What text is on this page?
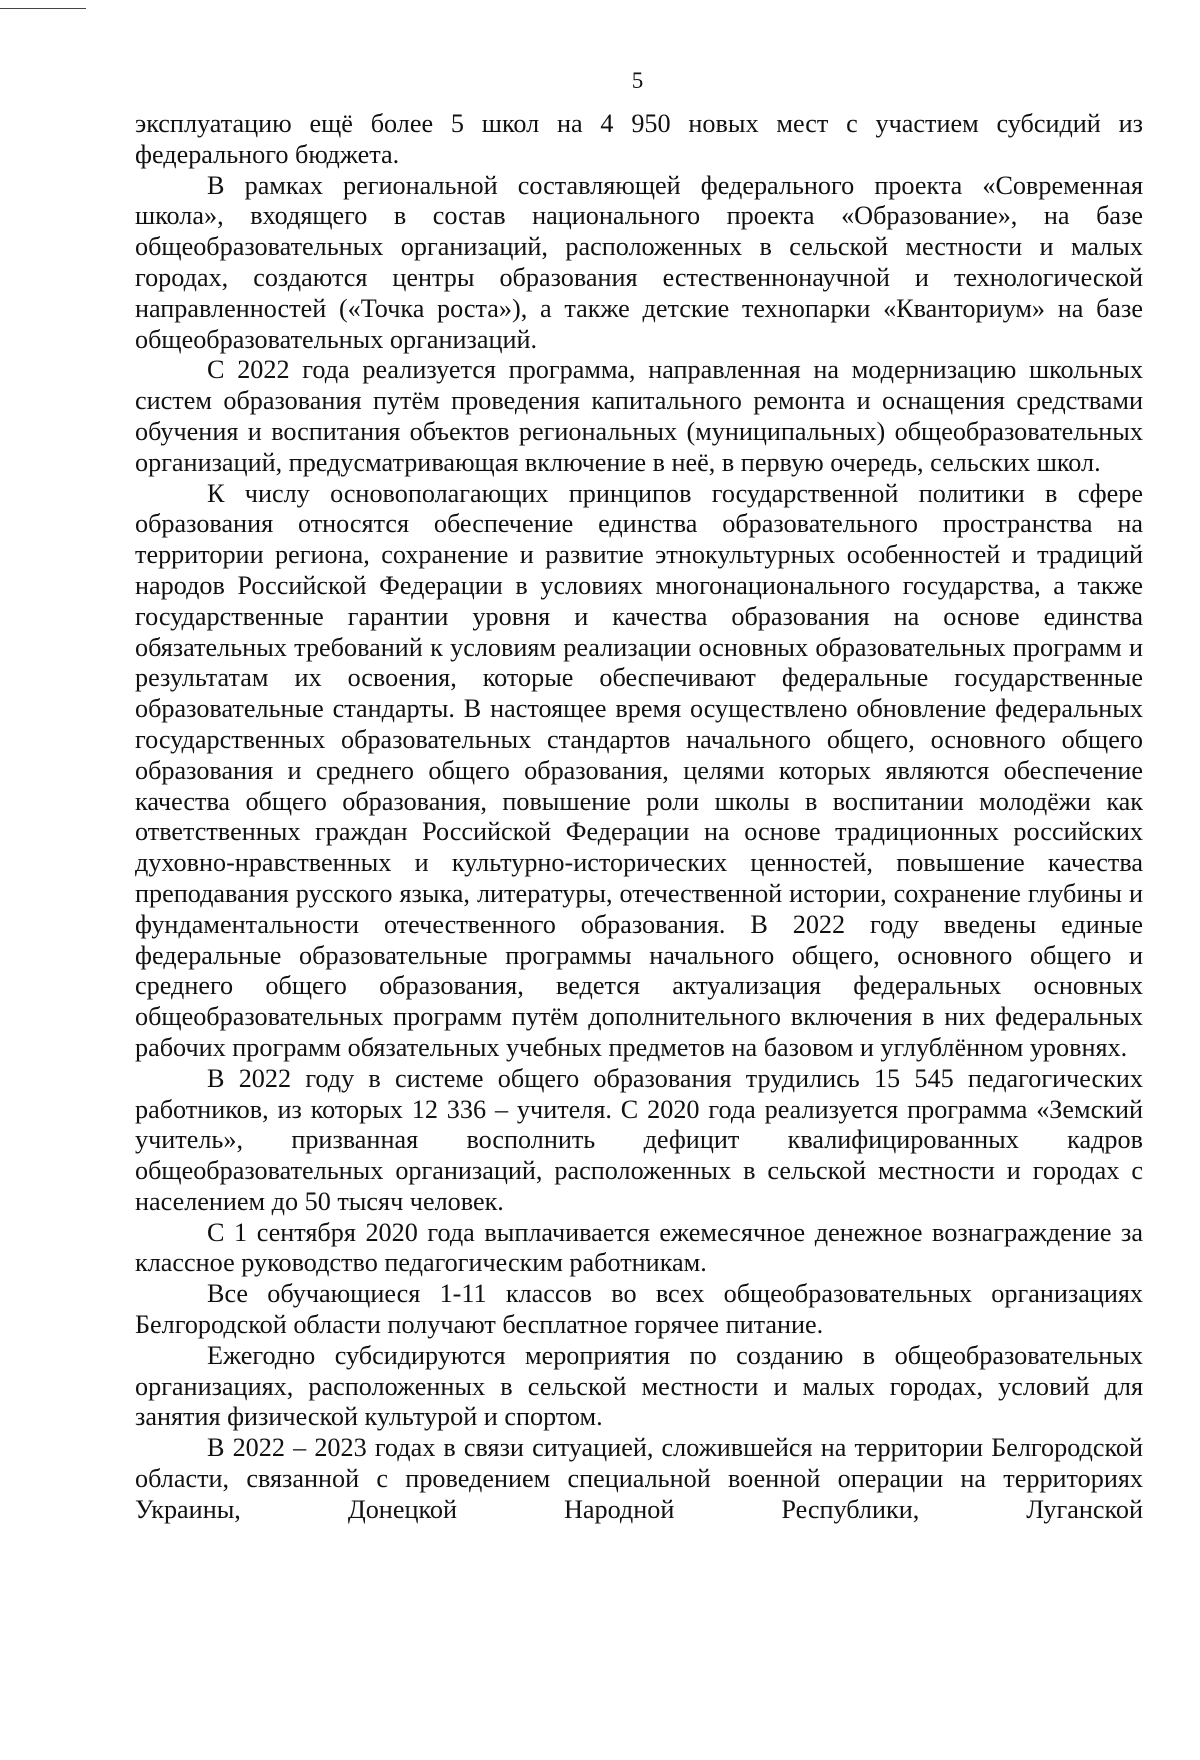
5

эксплуатацию ещё более 5 школ на 4 950 новых мест с участием субсидий из федерального бюджета.

В рамках региональной составляющей федерального проекта «Современная школа», входящего в состав национального проекта «Образование», на базе общеобразовательных организаций, расположенных в сельской местности и малых городах, создаются центры образования естественнонаучной и технологической направленностей («Точка роста»), а также детские технопарки «Кванториум» на базе общеобразовательных организаций.

С 2022 года реализуется программа, направленная на модернизацию школьных систем образования путём проведения капитального ремонта и оснащения средствами обучения и воспитания объектов региональных (муниципальных) общеобразовательных организаций, предусматривающая включение в неё, в первую очередь, сельских школ.

К числу основополагающих принципов государственной политики в сфере образования относятся обеспечение единства образовательного пространства на территории региона, сохранение и развитие этнокультурных особенностей и традиций народов Российской Федерации в условиях многонационального государства, а также государственные гарантии уровня и качества образования на основе единства обязательных требований к условиям реализации основных образовательных программ и результатам их освоения, которые обеспечивают федеральные государственные образовательные стандарты. В настоящее время осуществлено обновление федеральных государственных образовательных стандартов начального общего, основного общего образования и среднего общего образования, целями которых являются обеспечение качества общего образования, повышение роли школы в воспитании молодёжи как ответственных граждан Российской Федерации на основе традиционных российских духовно-нравственных и культурно-исторических ценностей, повышение качества преподавания русского языка, литературы, отечественной истории, сохранение глубины и фундаментальности отечественного образования. В 2022 году введены единые федеральные образовательные программы начального общего, основного общего и среднего общего образования, ведется актуализация федеральных основных общеобразовательных программ путём дополнительного включения в них федеральных рабочих программ обязательных учебных предметов на базовом и углублённом уровнях.

В 2022 году в системе общего образования трудились 15 545 педагогических работников, из которых 12 336 – учителя. С 2020 года реализуется программа «Земский учитель», призванная восполнить дефицит квалифицированных кадров общеобразовательных организаций, расположенных в сельской местности и городах с населением до 50 тысяч человек.

С 1 сентября 2020 года выплачивается ежемесячное денежное вознаграждение за классное руководство педагогическим работникам.

Все обучающиеся 1-11 классов во всех общеобразовательных организациях Белгородской области получают бесплатное горячее питание.

Ежегодно субсидируются мероприятия по созданию в общеобразовательных организациях, расположенных в сельской местности и малых городах, условий для занятия физической культурой и спортом.

В 2022 – 2023 годах в связи ситуацией, сложившейся на территории Белгородской области, связанной с проведением специальной военной операции на территориях Украины, Донецкой Народной Республики, Луганской
